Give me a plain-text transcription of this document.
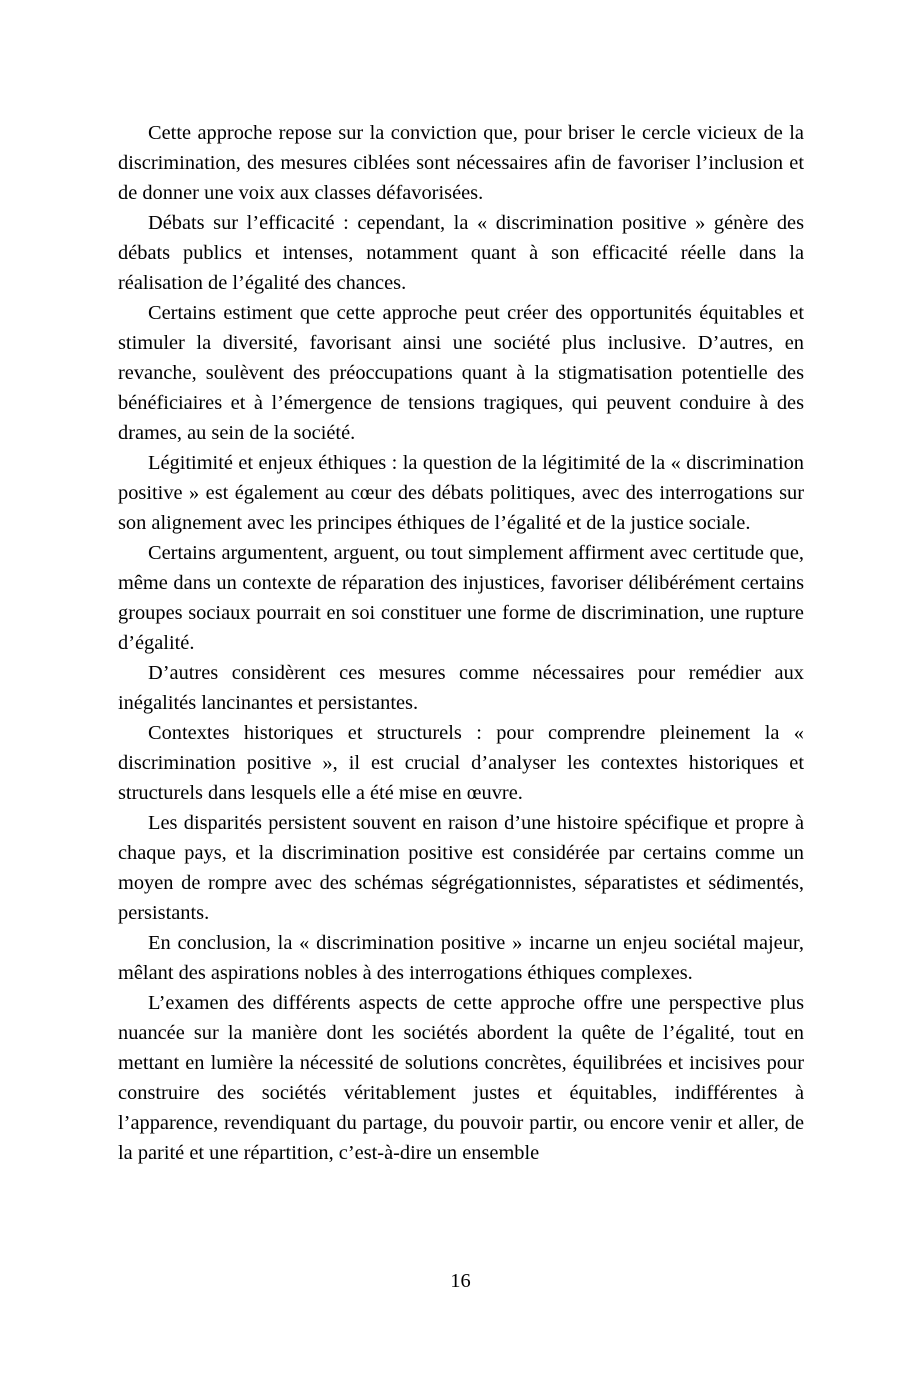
Cette approche repose sur la conviction que, pour briser le cercle vicieux de la discrimination, des mesures ciblées sont nécessaires afin de favoriser l’inclusion et de donner une voix aux classes défavorisées.

Débats sur l’efficacité : cependant, la « discrimination positive » génère des débats publics et intenses, notamment quant à son efficacité réelle dans la réalisation de l’égalité des chances.

Certains estiment que cette approche peut créer des opportunités équitables et stimuler la diversité, favorisant ainsi une société plus inclusive. D’autres, en revanche, soulèvent des préoccupations quant à la stigmatisation potentielle des bénéficiaires et à l’émergence de tensions tragiques, qui peuvent conduire à des drames, au sein de la société.

Légitimité et enjeux éthiques : la question de la légitimité de la « discrimination positive » est également au cœur des débats politiques, avec des interrogations sur son alignement avec les principes éthiques de l’égalité et de la justice sociale.

Certains argumentent, arguent, ou tout simplement affirment avec certitude que, même dans un contexte de réparation des injustices, favoriser délibérément certains groupes sociaux pourrait en soi constituer une forme de discrimination, une rupture d’égalité.

D’autres considèrent ces mesures comme nécessaires pour remédier aux inégalités lancinantes et persistantes.

Contextes historiques et structurels : pour comprendre pleinement la « discrimination positive », il est crucial d’analyser les contextes historiques et structurels dans lesquels elle a été mise en œuvre.

Les disparités persistent souvent en raison d’une histoire spécifique et propre à chaque pays, et la discrimination positive est considérée par certains comme un moyen de rompre avec des schémas ségrégationnistes, séparatistes et sédimentés, persistants.

En conclusion, la « discrimination positive » incarne un enjeu sociétal majeur, mêlant des aspirations nobles à des interrogations éthiques complexes.

L’examen des différents aspects de cette approche offre une perspective plus nuancée sur la manière dont les sociétés abordent la quête de l’égalité, tout en mettant en lumière la nécessité de solutions concrètes, équilibrées et incisives pour construire des sociétés véritablement justes et équitables, indifférentes à l’apparence, revendiquant du partage, du pouvoir partir, ou encore venir et aller, de la parité et une répartition, c’est-à-dire un ensemble

16
